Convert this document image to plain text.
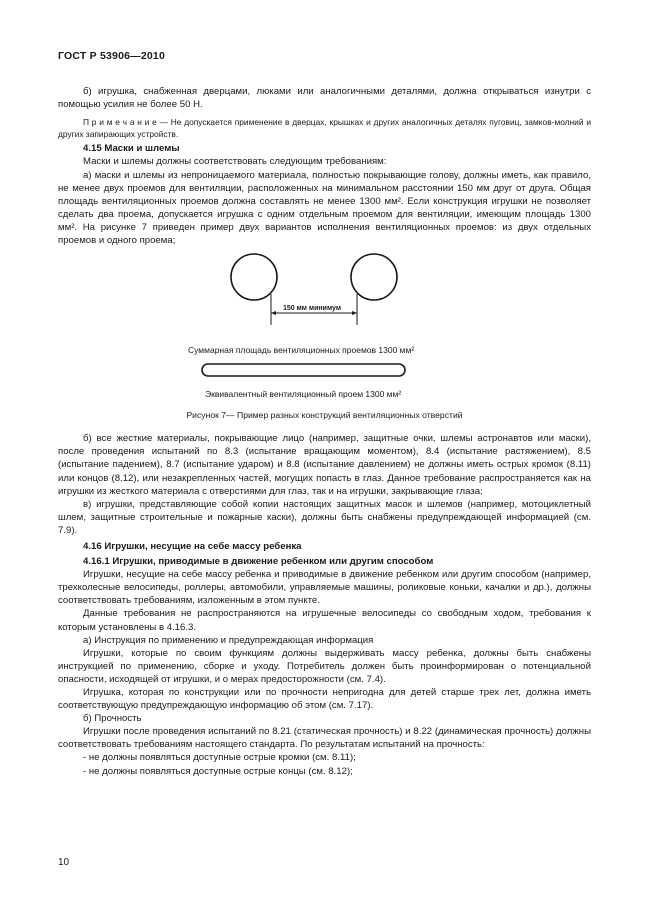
ГОСТ Р 53906—2010

б) игрушка, снабженная дверцами, люками или аналогичными деталями, должна открываться изнутри с помощью усилия не более 50 Н.

П р и м е ч а н и е — Не допускается применение в дверцах, крышках и других аналогичных деталях пуговиц, замков-молний и других запирающих устройств.

4.15 Маски и шлемы

Маски и шлемы должны соответствовать следующим требованиям:

а) маски и шлемы из непроницаемого материала, полностью покрывающие голову, должны иметь, как правило, не менее двух проемов для вентиляции, расположенных на минимальном расстоянии 150 мм друг от друга. Общая площадь вентиляционных проемов должна составлять не менее 1300 мм². Если конструкция игрушки не позволяет сделать два проема, допускается игрушка с одним отдельным проемом для вентиляции, имеющим площадь 1300 мм². На рисунке 7 приведен пример двух вариантов исполнения вентиляционных проемов: из двух отдельных проемов и одного проема;

150 мм минимум
Суммарная площадь вентиляционных проемов 1300 мм²
Эквивалентный вентиляционный проем 1300 мм²

Рисунок 7— Пример разных конструкций вентиляционных отверстий

б) все жесткие материалы, покрывающие лицо (например, защитные очки, шлемы астронавтов или маски), после проведения испытаний по 8.3 (испытание вращающим моментом), 8.4 (испытание растяжением), 8.5 (испытание падением), 8.7 (испытание ударом) и 8.8 (испытание давлением) не должны иметь острых кромок (8.11) или концов (8.12), или незакрепленных частей, могущих попасть в глаз. Данное требование распространяется как на игрушки из жесткого материала с отверстиями для глаз, так и на игрушки, закрывающие глаза;

в) игрушки, представляющие собой копии настоящих защитных масок и шлемов (например, мотоциклетный шлем, защитные строительные и пожарные каски), должны быть снабжены предупреждающей информацией (см. 7.9).

4.16 Игрушки, несущие на себе массу ребенка

4.16.1 Игрушки, приводимые в движение ребенком или другим способом

Игрушки, несущие на себе массу ребенка и приводимые в движение ребенком или другим способом (например, трехколесные велосипеды, роллеры, автомобили, управляемые машины, роликовые коньки, качалки и др.), должны соответствовать требованиям, изложенным в этом пункте.

Данные требования не распространяются на игрушечные велосипеды со свободным ходом, требования к которым установлены в 4.16.3.

а) Инструкция по применению и предупреждающая информация

Игрушки, которые по своим функциям должны выдерживать массу ребенка, должны быть снабжены инструкцией по применению, сборке и уходу. Потребитель должен быть проинформирован о потенциальной опасности, исходящей от игрушки, и о мерах предосторожности (см. 7.4).

Игрушка, которая по конструкции или по прочности непригодна для детей старше трех лет, должна иметь соответствующую предупреждающую информацию об этом (см. 7.17).

б) Прочность

Игрушки после проведения испытаний по 8.21 (статическая прочность) и 8.22 (динамическая прочность) должны соответствовать требованиям настоящего стандарта. По результатам испытаний на прочность:

- не должны появляться доступные острые кромки (см. 8.11);

- не должны появляться доступные острые концы (см. 8.12);

10
